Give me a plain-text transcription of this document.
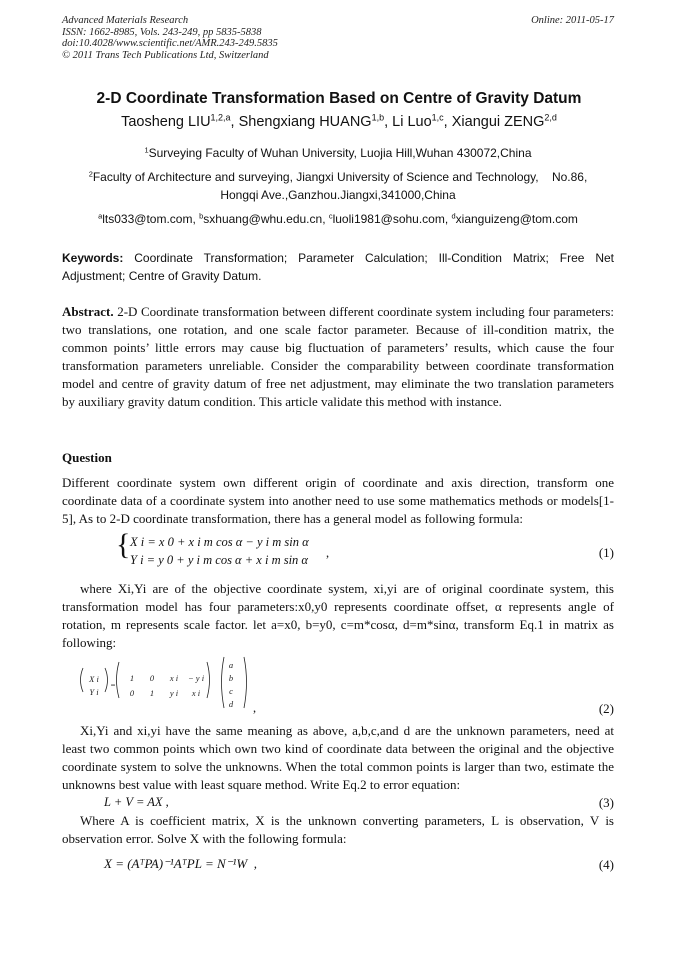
Advanced Materials Research
ISSN: 1662-8985, Vols. 243-249, pp 5835-5838
doi:10.4028/www.scientific.net/AMR.243-249.5835
© 2011 Trans Tech Publications Ltd, Switzerland
Online: 2011-05-17
2-D Coordinate Transformation Based on Centre of Gravity Datum
Taosheng LIU$^{1,2,a}$, Shengxiang HUANG$^{1,b}$, Li Luo$^{1,c}$, Xiangui ZENG$^{2,d}$
$^1$Surveying Faculty of Wuhan University, Luojia Hill,Wuhan 430072,China
$^2$Faculty of Architecture and surveying, Jiangxi University of Science and Technology,    No.86,
Hongqi Ave.,Ganzhou.Jiangxi,341000,China
$^a$lts033@tom.com, $^b$sxhuang@whu.edu.cn, $^c$luoli1981@sohu.com, $^d$xianguizeng@tom.com
Keywords: Coordinate Transformation; Parameter Calculation; Ill-Condition Matrix; Free Net Adjustment; Centre of Gravity Datum.
Abstract. 2-D Coordinate transformation between different coordinate system including four parameters: two translations, one rotation, and one scale factor parameter. Because of ill-condition matrix, the common points’ little errors may cause big fluctuation of parameters’ results, which cause the four transformation parameters unreliable. Consider the comparability between coordinate transformation model and centre of gravity datum of free net adjustment, may eliminate the two translation parameters by auxiliary gravity datum condition. This article validate this method with instance.
Question
Different coordinate system own different origin of coordinate and axis direction, transform one coordinate data of a coordinate system into another need to use some mathematics methods or models[1-5], As to 2-D coordinate transformation, there has a general model as following formula:
{ X i = x 0 + x i m cos α − y i m sin α
Y i = y 0 + y i m cos α + x i m sin α ,	(1)
where Xi,Yi are of the objective coordinate system, xi,yi are of original coordinate system, this transformation model has four parameters:x0,y0 represents coordinate offset, α represents angle of rotation, m represents scale factor. let a=x0, b=y0, c=m*cosα, d=m*sinα, transform Eq.1 in matrix as following:
X i
Y i
=
1	0	x i	− y i
0	1	y i	x i
a
b
c
d	,	(2)
Xi,Yi and xi,yi have the same meaning as above, a,b,c,and d are the unknown parameters, need at least two common points which own two kind of coordinate data between the original and the objective coordinate system to solve the unknowns. When the total common points is larger than two, estimate the unknowns best value with least square method. Write Eq.2 to error equation:
L + V = AX ,	(3)
Where A is coefficient matrix, X is the unknown converting parameters, L is observation, V is observation error. Solve X with the following formula:
X = (AᵀPA)⁻¹AᵀPL = N⁻¹W  ,	(4)
